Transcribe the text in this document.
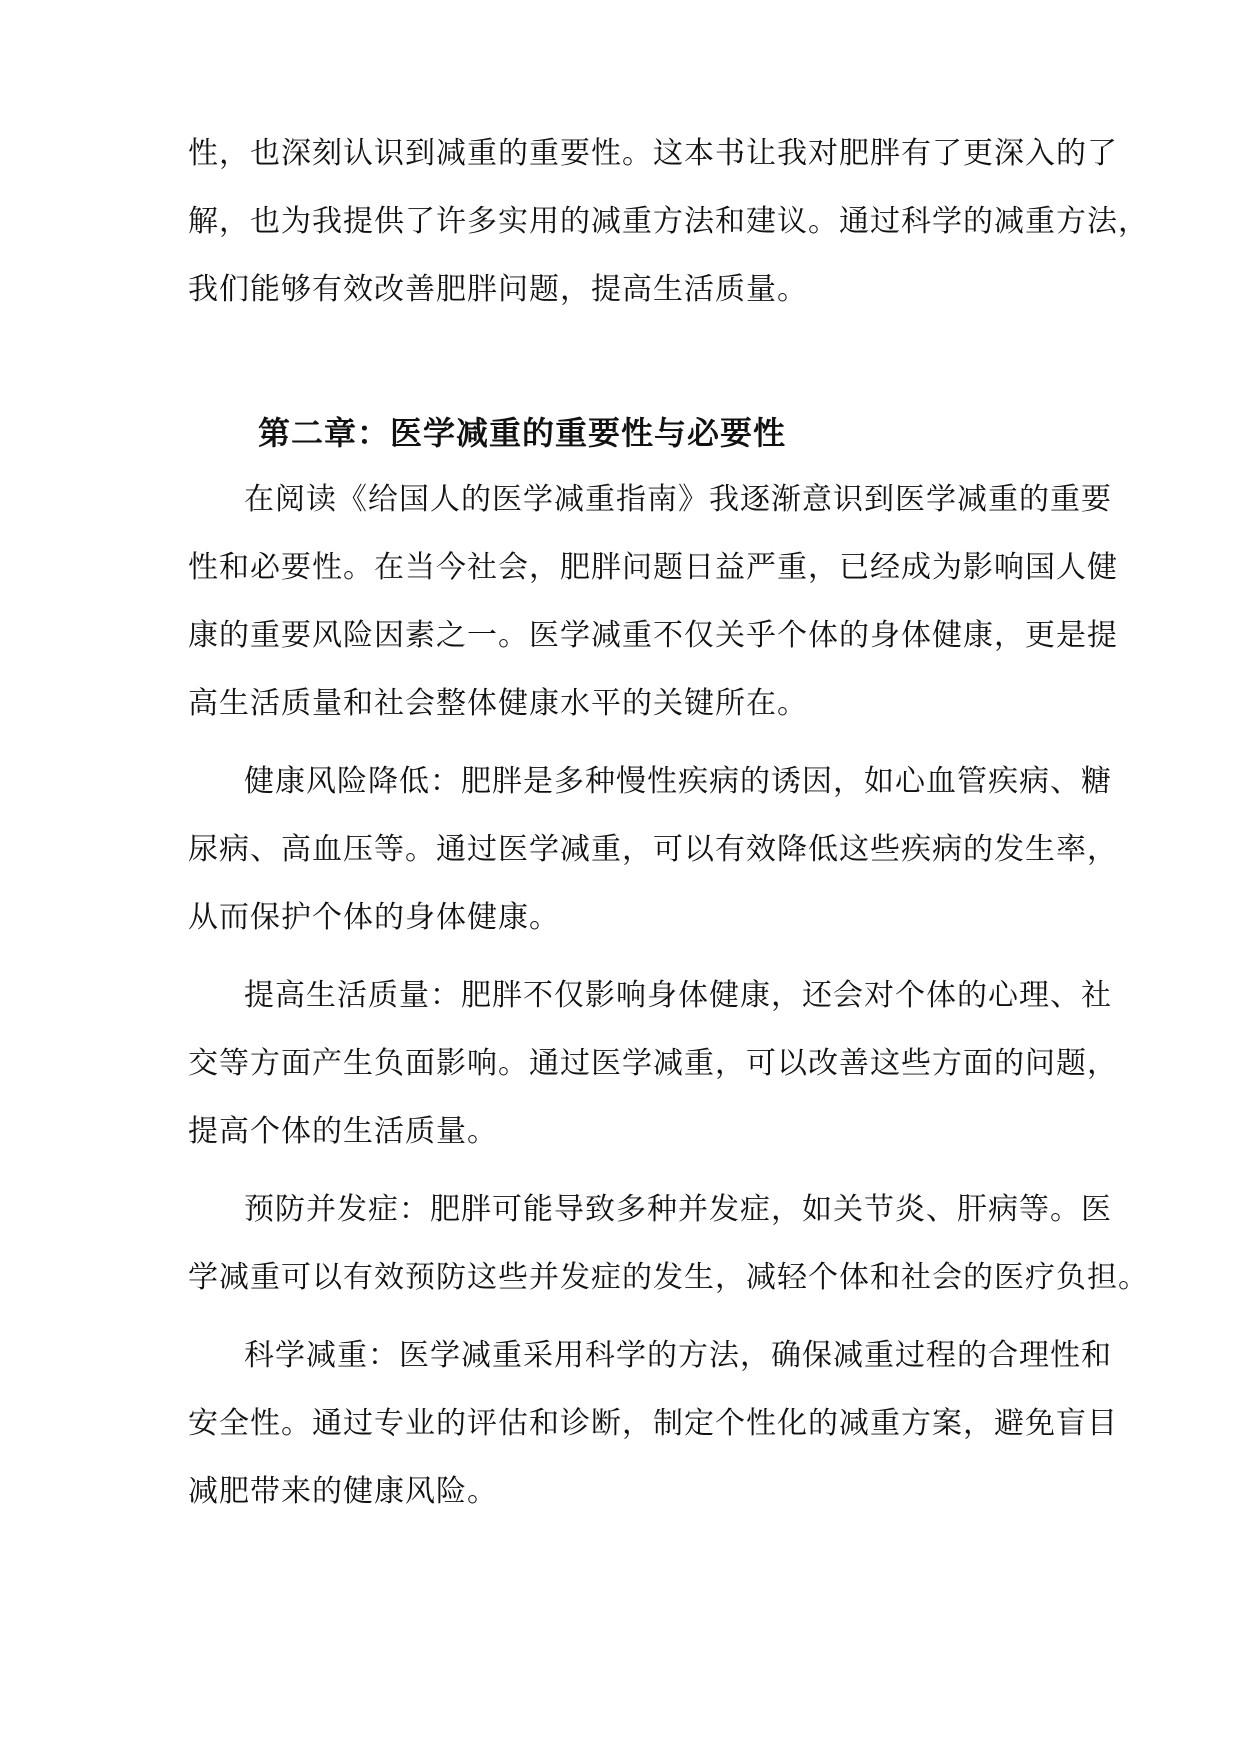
性，也深刻认识到减重的重要性。这本书让我对肥胖有了更深入的了
解，也为我提供了许多实用的减重方法和建议。通过科学的减重方法，
我们能够有效改善肥胖问题，提高生活质量。
第二章：医学减重的重要性与必要性
在阅读《给国人的医学减重指南》我逐渐意识到医学减重的重要
性和必要性。在当今社会，肥胖问题日益严重，已经成为影响国人健
康的重要风险因素之一。医学减重不仅关乎个体的身体健康，更是提
高生活质量和社会整体健康水平的关键所在。
健康风险降低：肥胖是多种慢性疾病的诱因，如心血管疾病、糖
尿病、高血压等。通过医学减重，可以有效降低这些疾病的发生率，
从而保护个体的身体健康。
提高生活质量：肥胖不仅影响身体健康，还会对个体的心理、社
交等方面产生负面影响。通过医学减重，可以改善这些方面的问题，
提高个体的生活质量。
预防并发症：肥胖可能导致多种并发症，如关节炎、肝病等。医
学减重可以有效预防这些并发症的发生，减轻个体和社会的医疗负担。
科学减重：医学减重采用科学的方法，确保减重过程的合理性和
安全性。通过专业的评估和诊断，制定个性化的减重方案，避免盲目
减肥带来的健康风险。
